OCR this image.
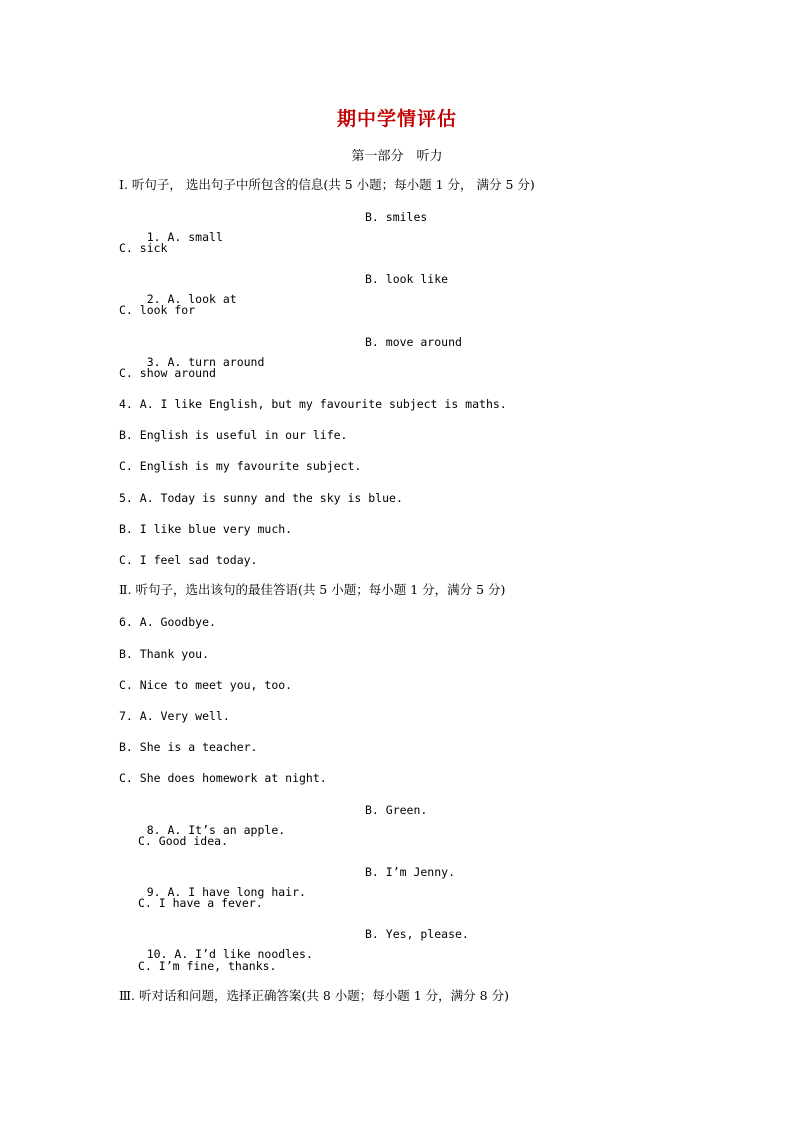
期中学情评估
第一部分　听力
Ⅰ. 听句子， 选出句子中所包含的信息(共 5 小题；每小题 1 分， 满分 5 分)

1. A. small

B. smiles

C. sick

2. A. look at

B. look like

C. look for

3. A. turn around

B. move around

C. show around
4. A. I like English, but my favourite subject is maths.
B. English is useful in our life.
C. English is my favourite subject.
5. A. Today is sunny and the sky is blue.
B. I like blue very much.
C. I feel sad today.
Ⅱ. 听句子，选出该句的最佳答语(共 5 小题；每小题 1 分，满分 5 分)
6. A. Goodbye.
B. Thank you.
C. Nice to meet you, too.
7. A. Very well.
B. She is a teacher.
C. She does homework at night.

8. A. It’s an apple.

B. Green.

C. Good idea.

9. A. I have long hair.

B. I’m Jenny.

C. I have a fever.

10. A. I’d like noodles.

B. Yes, please.

C. I’m fine, thanks.
Ⅲ. 听对话和问题，选择正确答案(共 8 小题；每小题 1 分，满分 8 分)
